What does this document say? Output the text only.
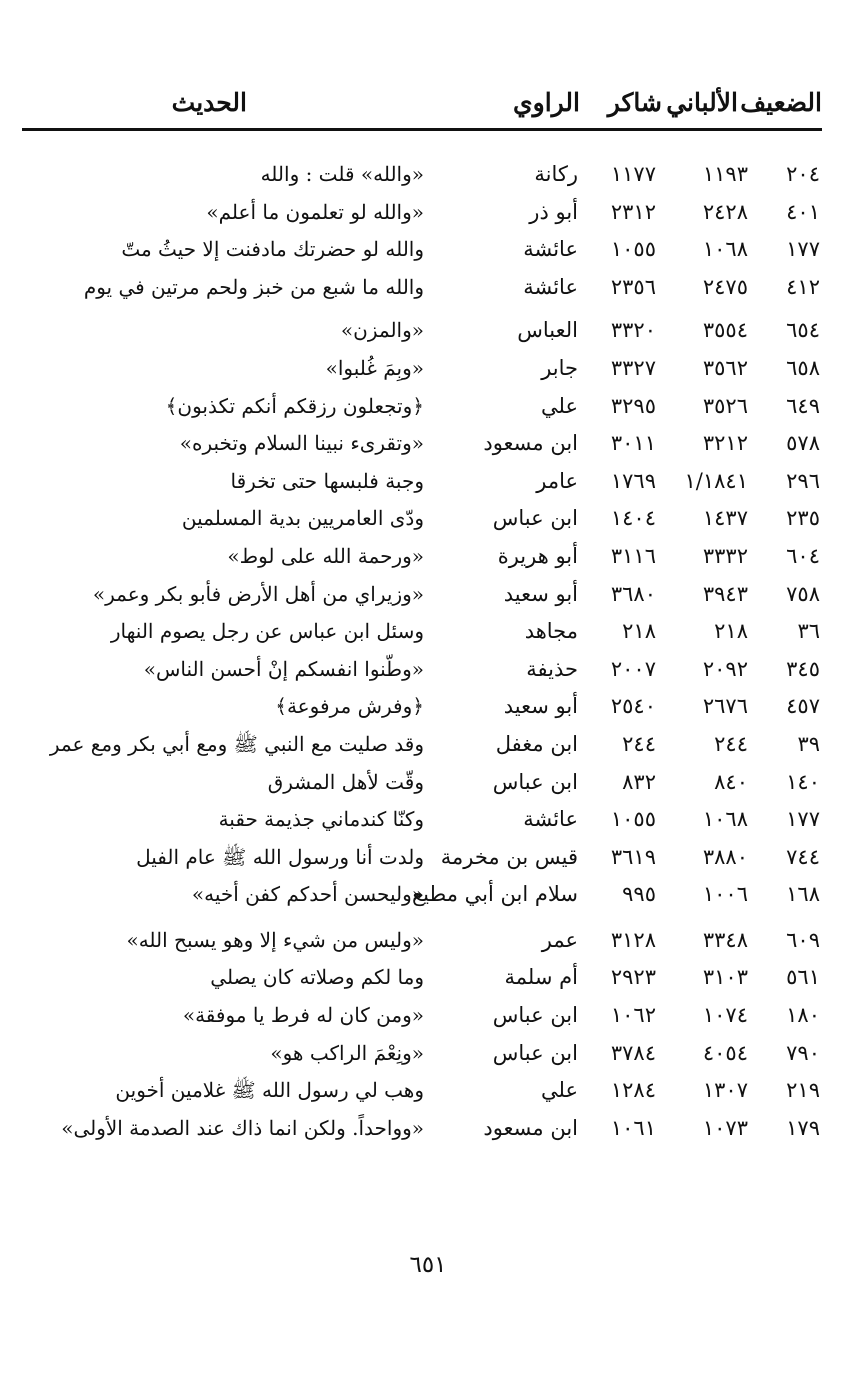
الضعيف
الألباني
شاكر
الراوي
الحديث
٢٠٤
١١٩٣
١١٧٧
ركانة
«والله» قلت : والله
٤٠١
٢٤٢٨
٢٣١٢
أبو ذر
«والله لو تعلمون ما أعلم»
١٧٧
١٠٦٨
١٠٥٥
عائشة
والله لو حضرتك مادفنت إلا حيثُ متّ
٤١٢
٢٤٧٥
٢٣٥٦
عائشة
والله ما شبع من خبز ولحم مرتين في يوم
٦٥٤
٣٥٥٤
٣٣٢٠
العباس
«والمزن»
٦٥٨
٣٥٦٢
٣٣٢٧
جابر
«وبِمَ غُلبوا»
٦٤٩
٣٥٢٦
٣٢٩٥
علي
﴿وتجعلون رزقكم أنكم تكذبون﴾
٥٧٨
٣٢١٢
٣٠١١
ابن مسعود
«وتقرىء نبينا السلام وتخبره»
٢٩٦
١/١٨٤١
١٧٦٩
عامر
وجبة فلبسها حتى تخرقا
٢٣٥
١٤٣٧
١٤٠٤
ابن عباس
ودّى العامريين بدية المسلمين
٦٠٤
٣٣٣٢
٣١١٦
أبو هريرة
«ورحمة الله على لوط»
٧٥٨
٣٩٤٣
٣٦٨٠
أبو سعيد
«وزيراي من أهل الأرض فأبو بكر وعمر»
٣٦
٢١٨
٢١٨
مجاهد
وسئل ابن عباس عن رجل يصوم النهار
٣٤٥
٢٠٩٢
٢٠٠٧
حذيفة
«وطّنوا انفسكم إنْ أحسن الناس»
٤٥٧
٢٦٧٦
٢٥٤٠
أبو سعيد
﴿وفرش مرفوعة﴾
٣٩
٢٤٤
٢٤٤
ابن مغفل
وقد صليت مع النبي ﷺ ومع أبي بكر ومع عمر
١٤٠
٨٤٠
٨٣٢
ابن عباس
وقّت لأهل المشرق
١٧٧
١٠٦٨
١٠٥٥
عائشة
وكنّا كندماني جذيمة حقبة
٧٤٤
٣٨٨٠
٣٦١٩
قيس بن مخرمة
ولدت أنا ورسول الله ﷺ عام الفيل
١٦٨
١٠٠٦
٩٩٥
سلام ابن أبي مطيع
«وليحسن أحدكم كفن أخيه»
٦٠٩
٣٣٤٨
٣١٢٨
عمر
«وليس من شيء إلا وهو يسبح الله»
٥٦١
٣١٠٣
٢٩٢٣
أم سلمة
وما لكم وصلاته كان يصلي
١٨٠
١٠٧٤
١٠٦٢
ابن عباس
«ومن كان له فرط يا موفقة»
٧٩٠
٤٠٥٤
٣٧٨٤
ابن عباس
«ونِعْمَ الراكب هو»
٢١٩
١٣٠٧
١٢٨٤
علي
وهب لي رسول الله ﷺ غلامين أخوين
١٧٩
١٠٧٣
١٠٦١
ابن مسعود
«وواحداً. ولكن انما ذاك عند الصدمة الأولى»
٦٥١
